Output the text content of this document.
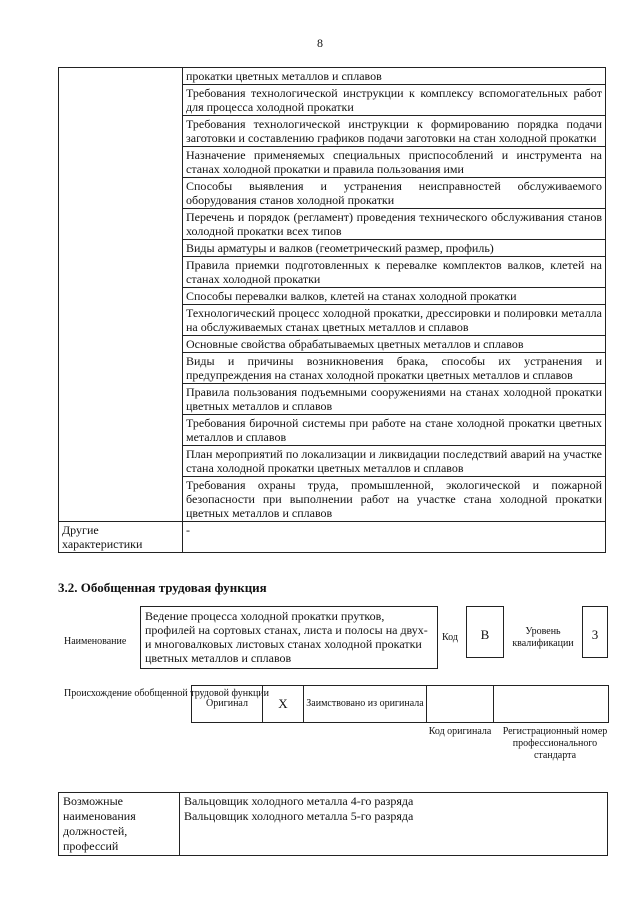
8
	прокатки цветных металлов и сплавов
	Требования технологической инструкции к комплексу вспомогательных работ для процесса холодной прокатки
	Требования технологической инструкции к формированию порядка подачи заготовки и составлению графиков подачи заготовки на стан холодной прокатки
	Назначение применяемых специальных приспособлений и инструмента на станах холодной прокатки и правила пользования ими
	Способы выявления и устранения неисправностей обслуживаемого оборудования станов холодной прокатки
	Перечень и порядок (регламент) проведения технического обслуживания станов холодной прокатки всех типов
	Виды арматуры и валков (геометрический размер, профиль)
	Правила приемки подготовленных к перевалке комплектов валков, клетей на станах холодной прокатки
	Способы перевалки валков, клетей на станах холодной прокатки
	Технологический процесс холодной прокатки, дрессировки и полировки металла на обслуживаемых станах цветных металлов и сплавов
	Основные свойства обрабатываемых цветных металлов и сплавов
	Виды и причины возникновения брака, способы их устранения и предупреждения на станах холодной прокатки цветных металлов и сплавов
	Правила пользования подъемными сооружениями на станах холодной прокатки цветных металлов и сплавов
	Требования бирочной системы при работе на стане холодной прокатки цветных металлов и сплавов
	План мероприятий по локализации и ликвидации последствий аварий на участке стана холодной прокатки цветных металлов и сплавов
	Требования охраны труда, промышленной, экологической и пожарной безопасности при выполнении работ на участке стана холодной прокатки цветных металлов и сплавов
Другие характеристики	-
3.2. Обобщенная трудовая функция
Наименование
Ведение процесса холодной прокатки прутков, профилей на сортовых станах, листа и полосы на двух- и многовалковых листовых станах холодной прокатки цветных металлов и сплавов
Код	В	Уровень квалификации
3
Происхождение обобщенной трудовой функции
Оригинал	X	Заимствовано из оригинала		
Код оригинала	Регистрационный номер профессионального стандарта
Возможные наименования должностей, профессий	
Вальцовщик холодного металла 4-го разряда
Вальцовщик холодного металла 5-го разряда
